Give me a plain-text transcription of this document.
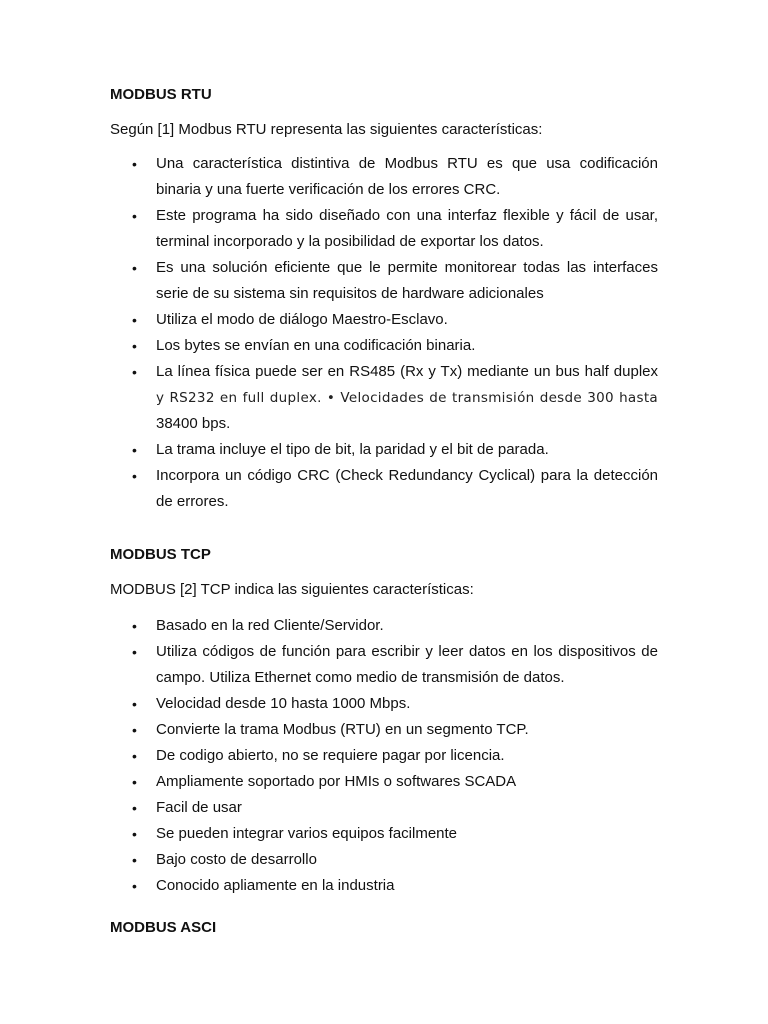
MODBUS RTU

Según [1] Modbus RTU representa las siguientes características:

• Una característica distintiva de Modbus RTU es que usa codificación binaria y una fuerte verificación de los errores CRC.
• Este programa ha sido diseñado con una interfaz flexible y fácil de usar, terminal incorporado y la posibilidad de exportar los datos.
• Es una solución eficiente que le permite monitorear todas las interfaces serie de su sistema sin requisitos de hardware adicionales
• Utiliza el modo de diálogo Maestro-Esclavo.
• Los bytes se envían en una codificación binaria.
• La línea física puede ser en RS485 (Rx y Tx) mediante un bus half duplex y RS232 en full duplex. • Velocidades de transmisión desde 300 hasta 38400 bps.
• La trama incluye el tipo de bit, la paridad y el bit de parada.
• Incorpora un código CRC (Check Redundancy Cyclical) para la detección de errores.
MODBUS TCP

MODBUS [2] TCP indica las siguientes características:

• Basado en la red Cliente/Servidor.
• Utiliza códigos de función para escribir y leer datos en los dispositivos de campo. Utiliza Ethernet como medio de transmisión de datos.
• Velocidad desde 10 hasta 1000 Mbps.
• Convierte la trama Modbus (RTU) en un segmento TCP.
• De codigo abierto, no se requiere pagar por licencia.
• Ampliamente soportado por HMIs o softwares SCADA
• Facil de usar
• Se pueden integrar varios equipos facilmente
• Bajo costo de desarrollo
• Conocido apliamente en la industria
MODBUS ASCI
